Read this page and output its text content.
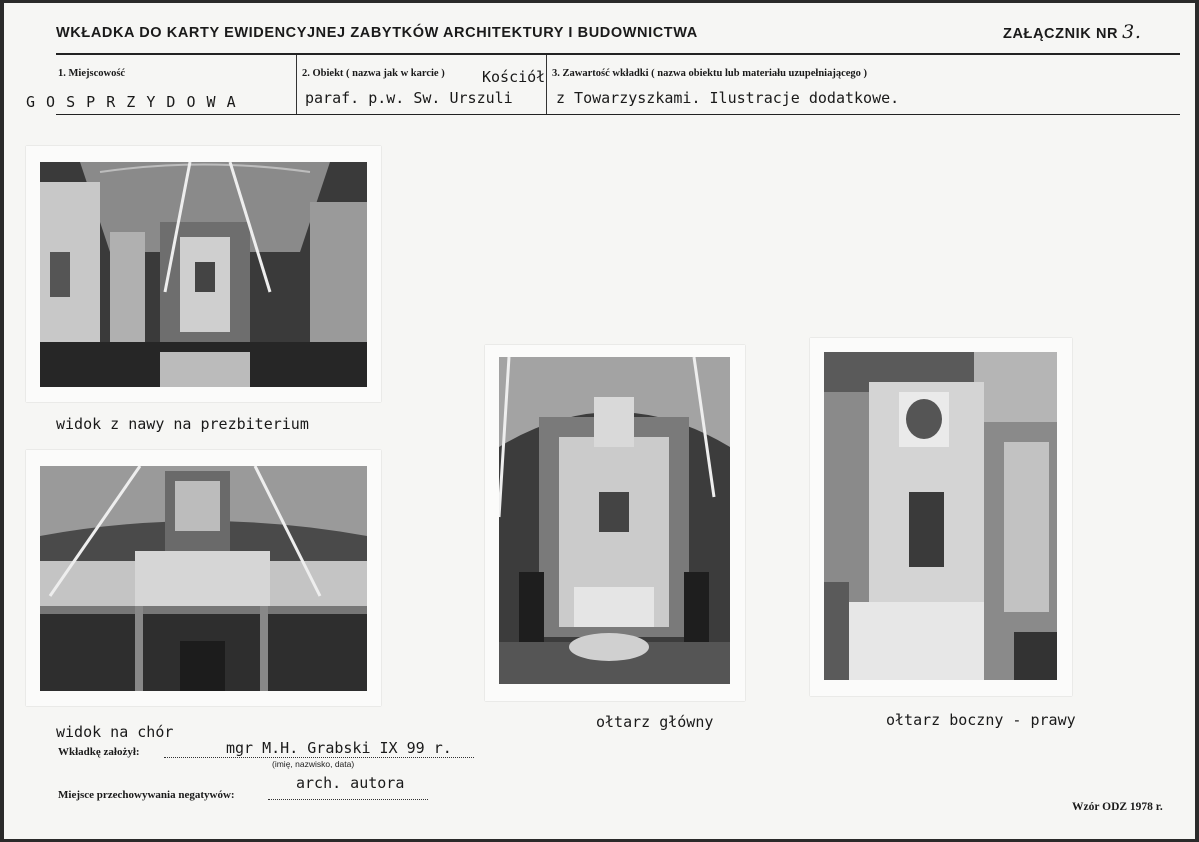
WKŁADKA DO KARTY EWIDENCYJNEJ ZABYTKÓW ARCHITEKTURY I BUDOWNICTWA	ZAŁĄCZNIK NR 3.
1. Miejscowość
G O S P R Z Y D O W A
2. Obiekt ( nazwa jak w karcie ) Kościół
paraf. p.w. Sw. Urszuli
3. Zawartość wkładki ( nazwa obiektu lub materiału uzupełniającego )
z Towarzyszkami. Ilustracje dodatkowe.
widok z nawy na prezbiterium
widok na chór
ołtarz główny	ołtarz boczny - prawy
Wkładkę założył:	mgr M.H. Grabski IX 99 r.
(imię, nazwisko, data)
Miejsce przechowywania negatywów:
arch. autora
Wzór ODZ 1978 r.
